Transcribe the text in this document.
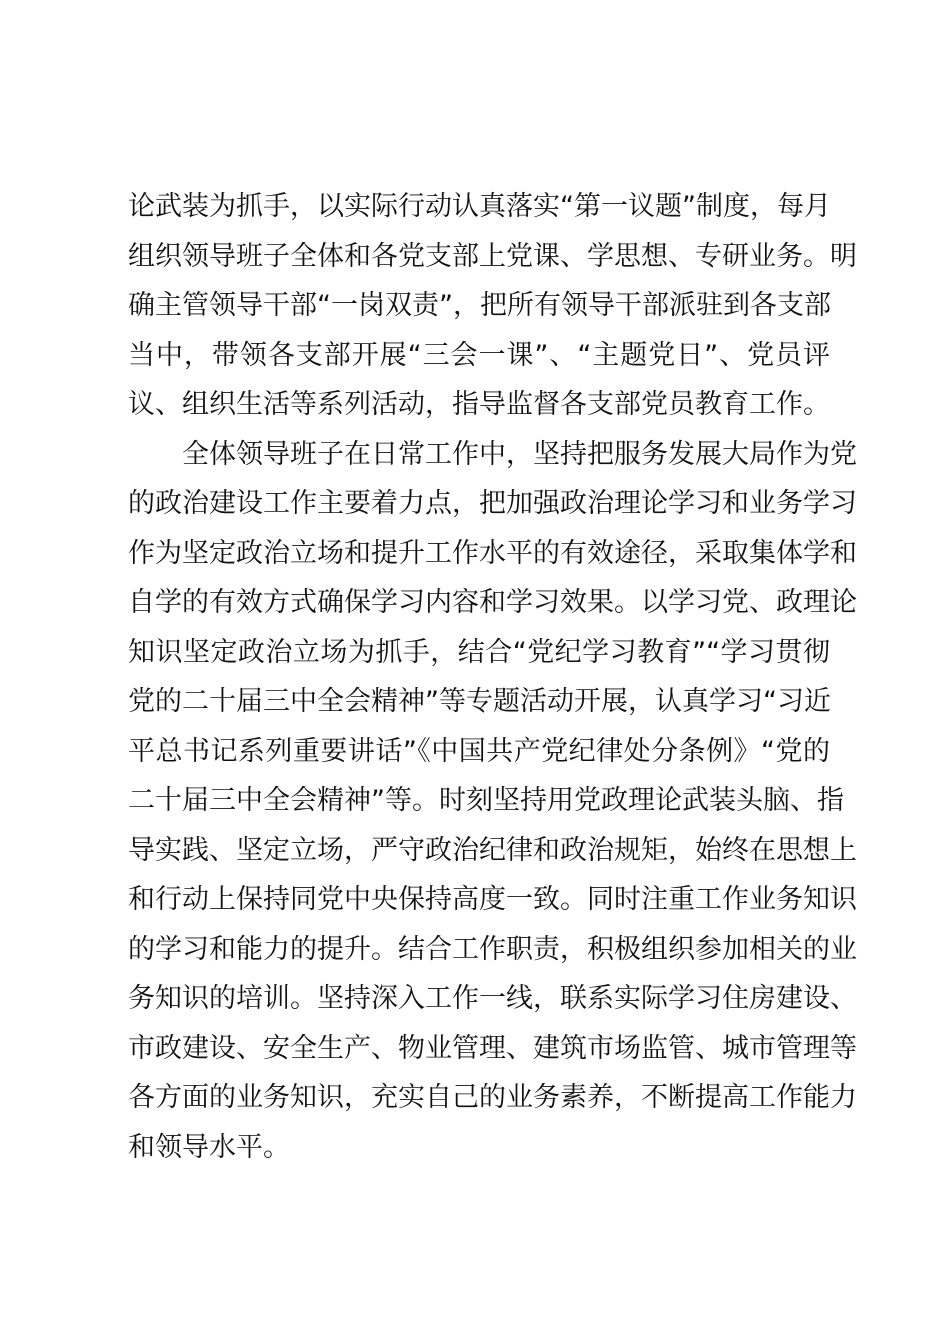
论武装为抓手，以实际行动认真落实“第一议题”制度，每月
组织领导班子全体和各党支部上党课、学思想、专研业务。明
确主管领导干部“一岗双责”，把所有领导干部派驻到各支部
当中，带领各支部开展“三会一课”、“主题党日”、党员评
议、组织生活等系列活动，指导监督各支部党员教育工作。
全体领导班子在日常工作中，坚持把服务发展大局作为党
的政治建设工作主要着力点，把加强政治理论学习和业务学习
作为坚定政治立场和提升工作水平的有效途径，采取集体学和
自学的有效方式确保学习内容和学习效果。以学习党、政理论
知识坚定政治立场为抓手，结合“党纪学习教育”“学习贯彻
党的二十届三中全会精神”等专题活动开展，认真学习“习近
平总书记系列重要讲话”《中国共产党纪律处分条例》“党的
二十届三中全会精神”等。时刻坚持用党政理论武装头脑、指
导实践、坚定立场，严守政治纪律和政治规矩，始终在思想上
和行动上保持同党中央保持高度一致。同时注重工作业务知识
的学习和能力的提升。结合工作职责，积极组织参加相关的业
务知识的培训。坚持深入工作一线，联系实际学习住房建设、
市政建设、安全生产、物业管理、建筑市场监管、城市管理等
各方面的业务知识，充实自己的业务素养，不断提高工作能力
和领导水平。
